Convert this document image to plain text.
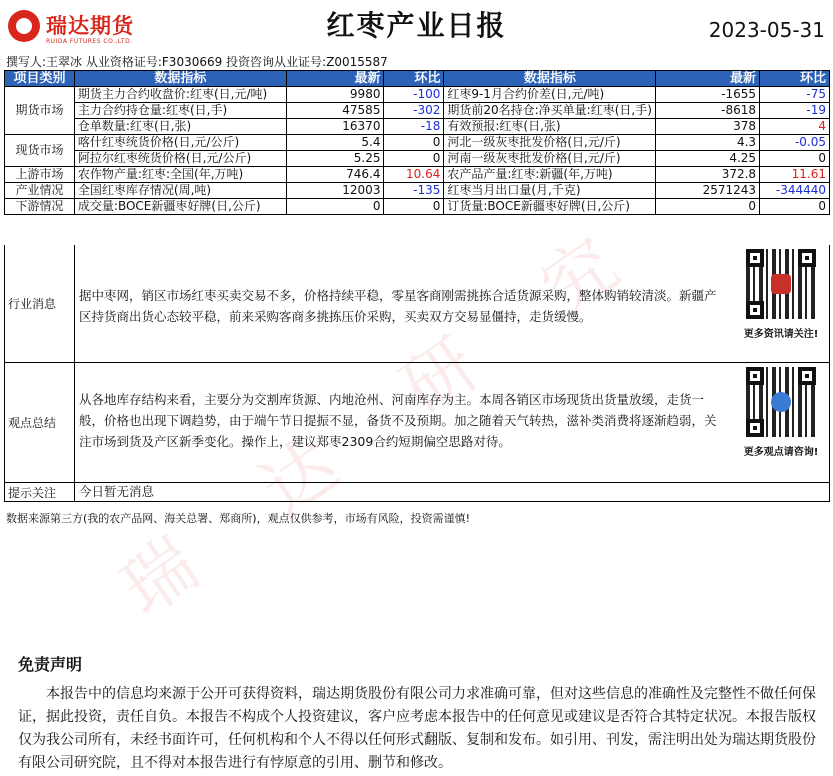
瑞
达
研
究
瑞达期货
RUIDA FUTURES CO.,LTD.	红枣产业日报	2023-05-31
撰写人:王翠冰 从业资格证号:F3030669 投资咨询从业证号:Z0015587
项目类别	数据指标	最新	环比	数据指标	最新	环比
期货市场	期货主力合约收盘价:红枣(日,元/吨)	9980	-100	红枣9-1月合约价差(日,元/吨)	-1655	-75
	主力合约持仓量:红枣(日,手)	47585	-302	期货前20名持仓:净买单量:红枣(日,手)	-8618	-19
	仓单数量:红枣(日,张)	16370	-18	有效预报:红枣(日,张)	378	4
现货市场	喀什红枣统货价格(日,元/公斤)	5.4	0	河北一级灰枣批发价格(日,元/斤)	4.3	-0.05
	阿拉尔红枣统货价格(日,元/公斤)	5.25	0	河南一级灰枣批发价格(日,元/斤)	4.25	0
上游市场	农作物产量:红枣:全国(年,万吨)	746.4	10.64	农产品产量:红枣:新疆(年,万吨)	372.8	11.61
产业情况	全国红枣库存情况(周,吨)	12003	-135	红枣当月出口量(月,千克)	2571243	-344440
下游情况	成交量:BOCE新疆枣好牌(日,公斤)	0	0	订货量:BOCE新疆枣好牌(日,公斤)	0	0
行业消息
据中枣网，销区市场红枣买卖交易不多，价格持续平稳，零星客商刚需挑拣合适货源采购，整体购销较清淡。新疆产区持货商出货心态较平稳，前来采购客商多挑拣压价采购，买卖双方交易显僵持，走货缓慢。
更多资讯请关注!
观点总结
从各地库存结构来看，主要分为交割库货源、内地沧州、河南库存为主。本周各销区市场现货出货量放缓，走货一般，价格也出现下调趋势，由于端午节日提振不显，备货不及预期。加之随着天气转热，滋补类消费将逐渐趋弱，关注市场到货及产区新季变化。操作上，建议郑枣2309合约短期偏空思路对待。
更多观点请咨询!
提示关注	今日暂无消息
数据来源第三方(我的农产品网、海关总署、郑商所)，观点仅供参考，市场有风险，投资需谨慎!
免责声明
本报告中的信息均来源于公开可获得资料，瑞达期货股份有限公司力求准确可靠，但对这些信息的准确性及完整性不做任何保证，据此投资，责任自负。本报告不构成个人投资建议，客户应考虑本报告中的任何意见或建议是否符合其特定状况。本报告版权仅为我公司所有，未经书面许可，任何机构和个人不得以任何形式翻版、复制和发布。如引用、刊发，需注明出处为瑞达期货股份有限公司研究院，且不得对本报告进行有悖原意的引用、删节和修改。
